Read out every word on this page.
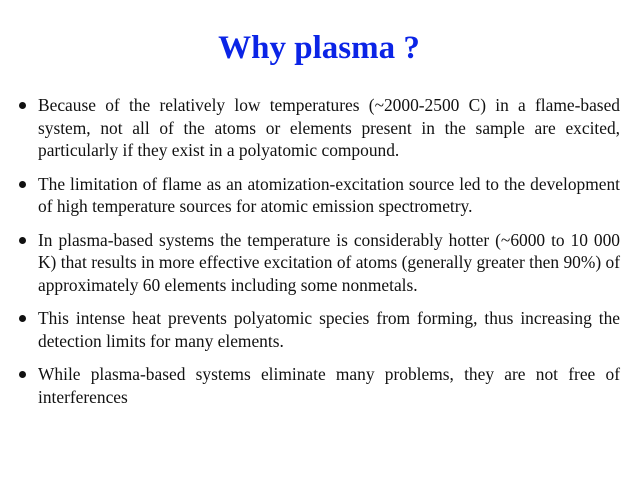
Why plasma ?
Because of the relatively low temperatures (~2000-2500 C) in a flame-based system, not all of the atoms or elements present in the sample are excited, particularly if they exist in a polyatomic compound.
The limitation of flame as an atomization-excitation source led to the development of high temperature sources for atomic emission spectrometry.
In plasma-based systems the temperature is considerably hotter (~6000 to 10 000 K) that results in more effective excitation of atoms (generally greater then 90%) of approximately 60 elements including some nonmetals.
This intense heat prevents polyatomic species from forming, thus increasing the detection limits for many elements.
While plasma-based systems eliminate many problems, they are not free of interferences
